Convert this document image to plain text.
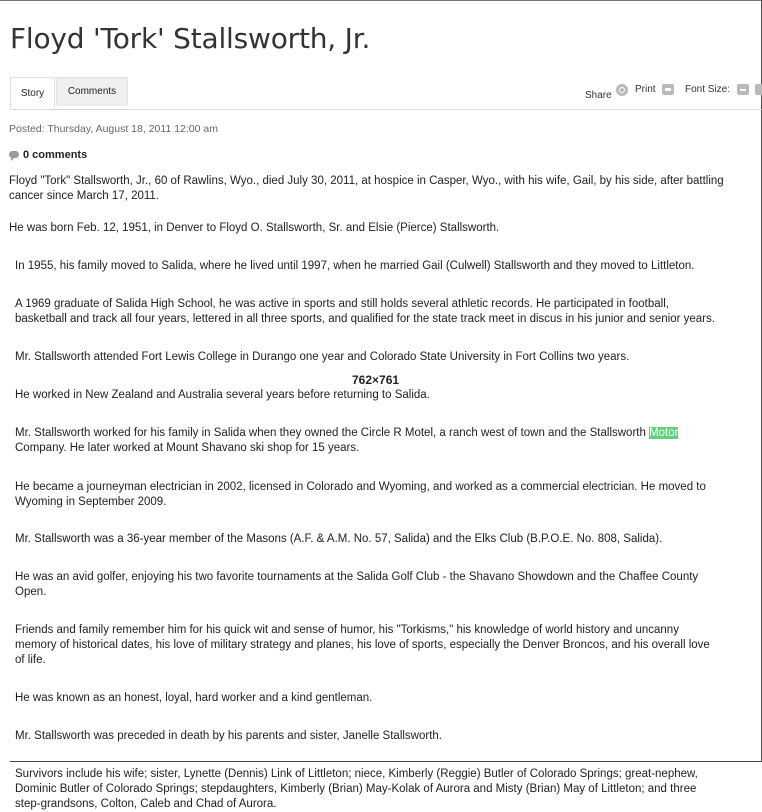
Floyd 'Tork' Stallsworth, Jr.
Story	Comments	Share
Print	Font Size:
Posted: Thursday, August 18, 2011 12:00 am
0 comments

Floyd "Tork" Stallsworth, Jr., 60 of Rawlins, Wyo., died July 30, 2011, at hospice in Casper, Wyo., with his wife, Gail, by his side, after battling
cancer since March 17, 2011.

He was born Feb. 12, 1951, in Denver to Floyd O. Stallsworth, Sr. and Elsie (Pierce) Stallsworth.

In 1955, his family moved to Salida, where he lived until 1997, when he married Gail (Culwell) Stallsworth and they moved to Littleton.

A 1969 graduate of Salida High School, he was active in sports and still holds several athletic records. He participated in football,
basketball and track all four years, lettered in all three sports, and qualified for the state track meet in discus in his junior and senior years.

Mr. Stallsworth attended Fort Lewis College in Durango one year and Colorado State University in Fort Collins two years.

762×761

He worked in New Zealand and Australia several years before returning to Salida.

Mr. Stallsworth worked for his family in Salida when they owned the Circle R Motel, a ranch west of town and the Stallsworth Motor
Company. He later worked at Mount Shavano ski shop for 15 years.

He became a journeyman electrician in 2002, licensed in Colorado and Wyoming, and worked as a commercial electrician. He moved to
Wyoming in September 2009.

Mr. Stallsworth was a 36-year member of the Masons (A.F. & A.M. No. 57, Salida) and the Elks Club (B.P.O.E. No. 808, Salida).

He was an avid golfer, enjoying his two favorite tournaments at the Salida Golf Club - the Shavano Showdown and the Chaffee County
Open.

Friends and family remember him for his quick wit and sense of humor, his "Torkisms," his knowledge of world history and uncanny
memory of historical dates, his love of military strategy and planes, his love of sports, especially the Denver Broncos, and his overall love
of life.

He was known as an honest, loyal, hard worker and a kind gentleman.

Mr. Stallsworth was preceded in death by his parents and sister, Janelle Stallsworth.

Survivors include his wife; sister, Lynette (Dennis) Link of Littleton; niece, Kimberly (Reggie) Butler of Colorado Springs; great-nephew,
Dominic Butler of Colorado Springs; stepdaughters, Kimberly (Brian) May-Kolak of Aurora and Misty (Brian) May of Littleton; and three
step-grandsons, Colton, Caleb and Chad of Aurora.
